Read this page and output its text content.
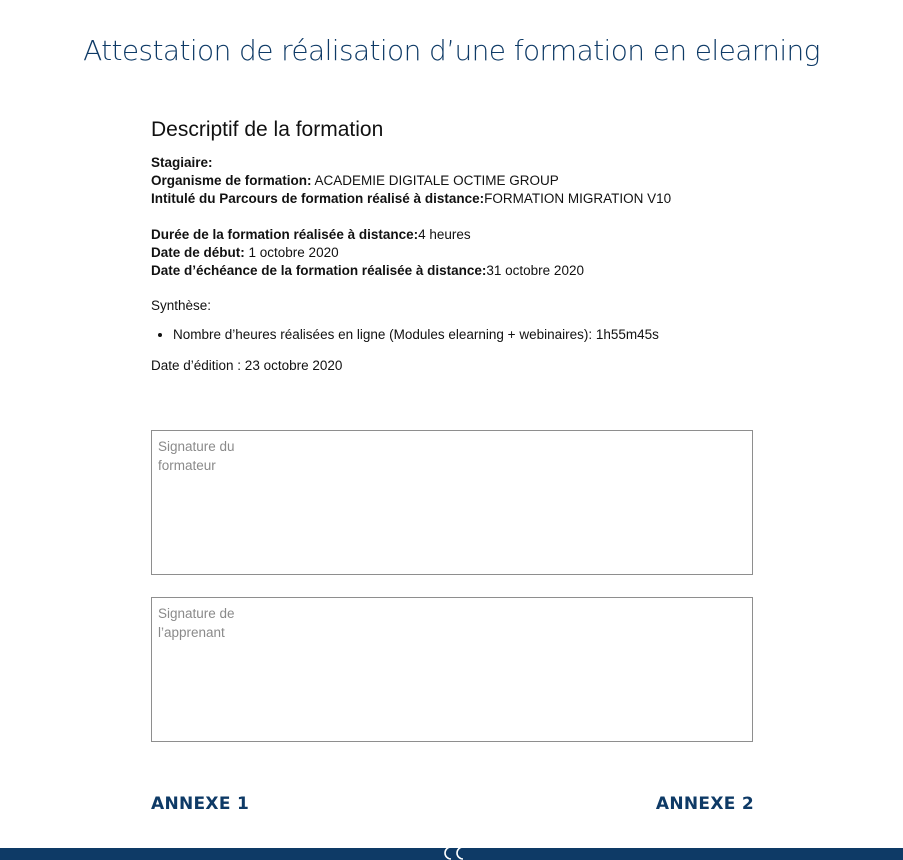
Attestation de réalisation d’une formation en elearning
Descriptif de la formation
Stagiaire:
Organisme de formation: ACADEMIE DIGITALE OCTIME GROUP
Intitulé du Parcours de formation réalisé à distance:FORMATION MIGRATION V10
Durée de la formation réalisée à distance:4 heures
Date de début: 1 octobre 2020
Date d’échéance de la formation réalisée à distance:31 octobre 2020
Synthèse:
• Nombre d’heures réalisées en ligne (Modules elearning + webinaires): 1h55m45s
Date d’édition : 23 octobre 2020
Signature du formateur
Signature de l’apprenant
ANNEXE 1	ANNEXE 2
